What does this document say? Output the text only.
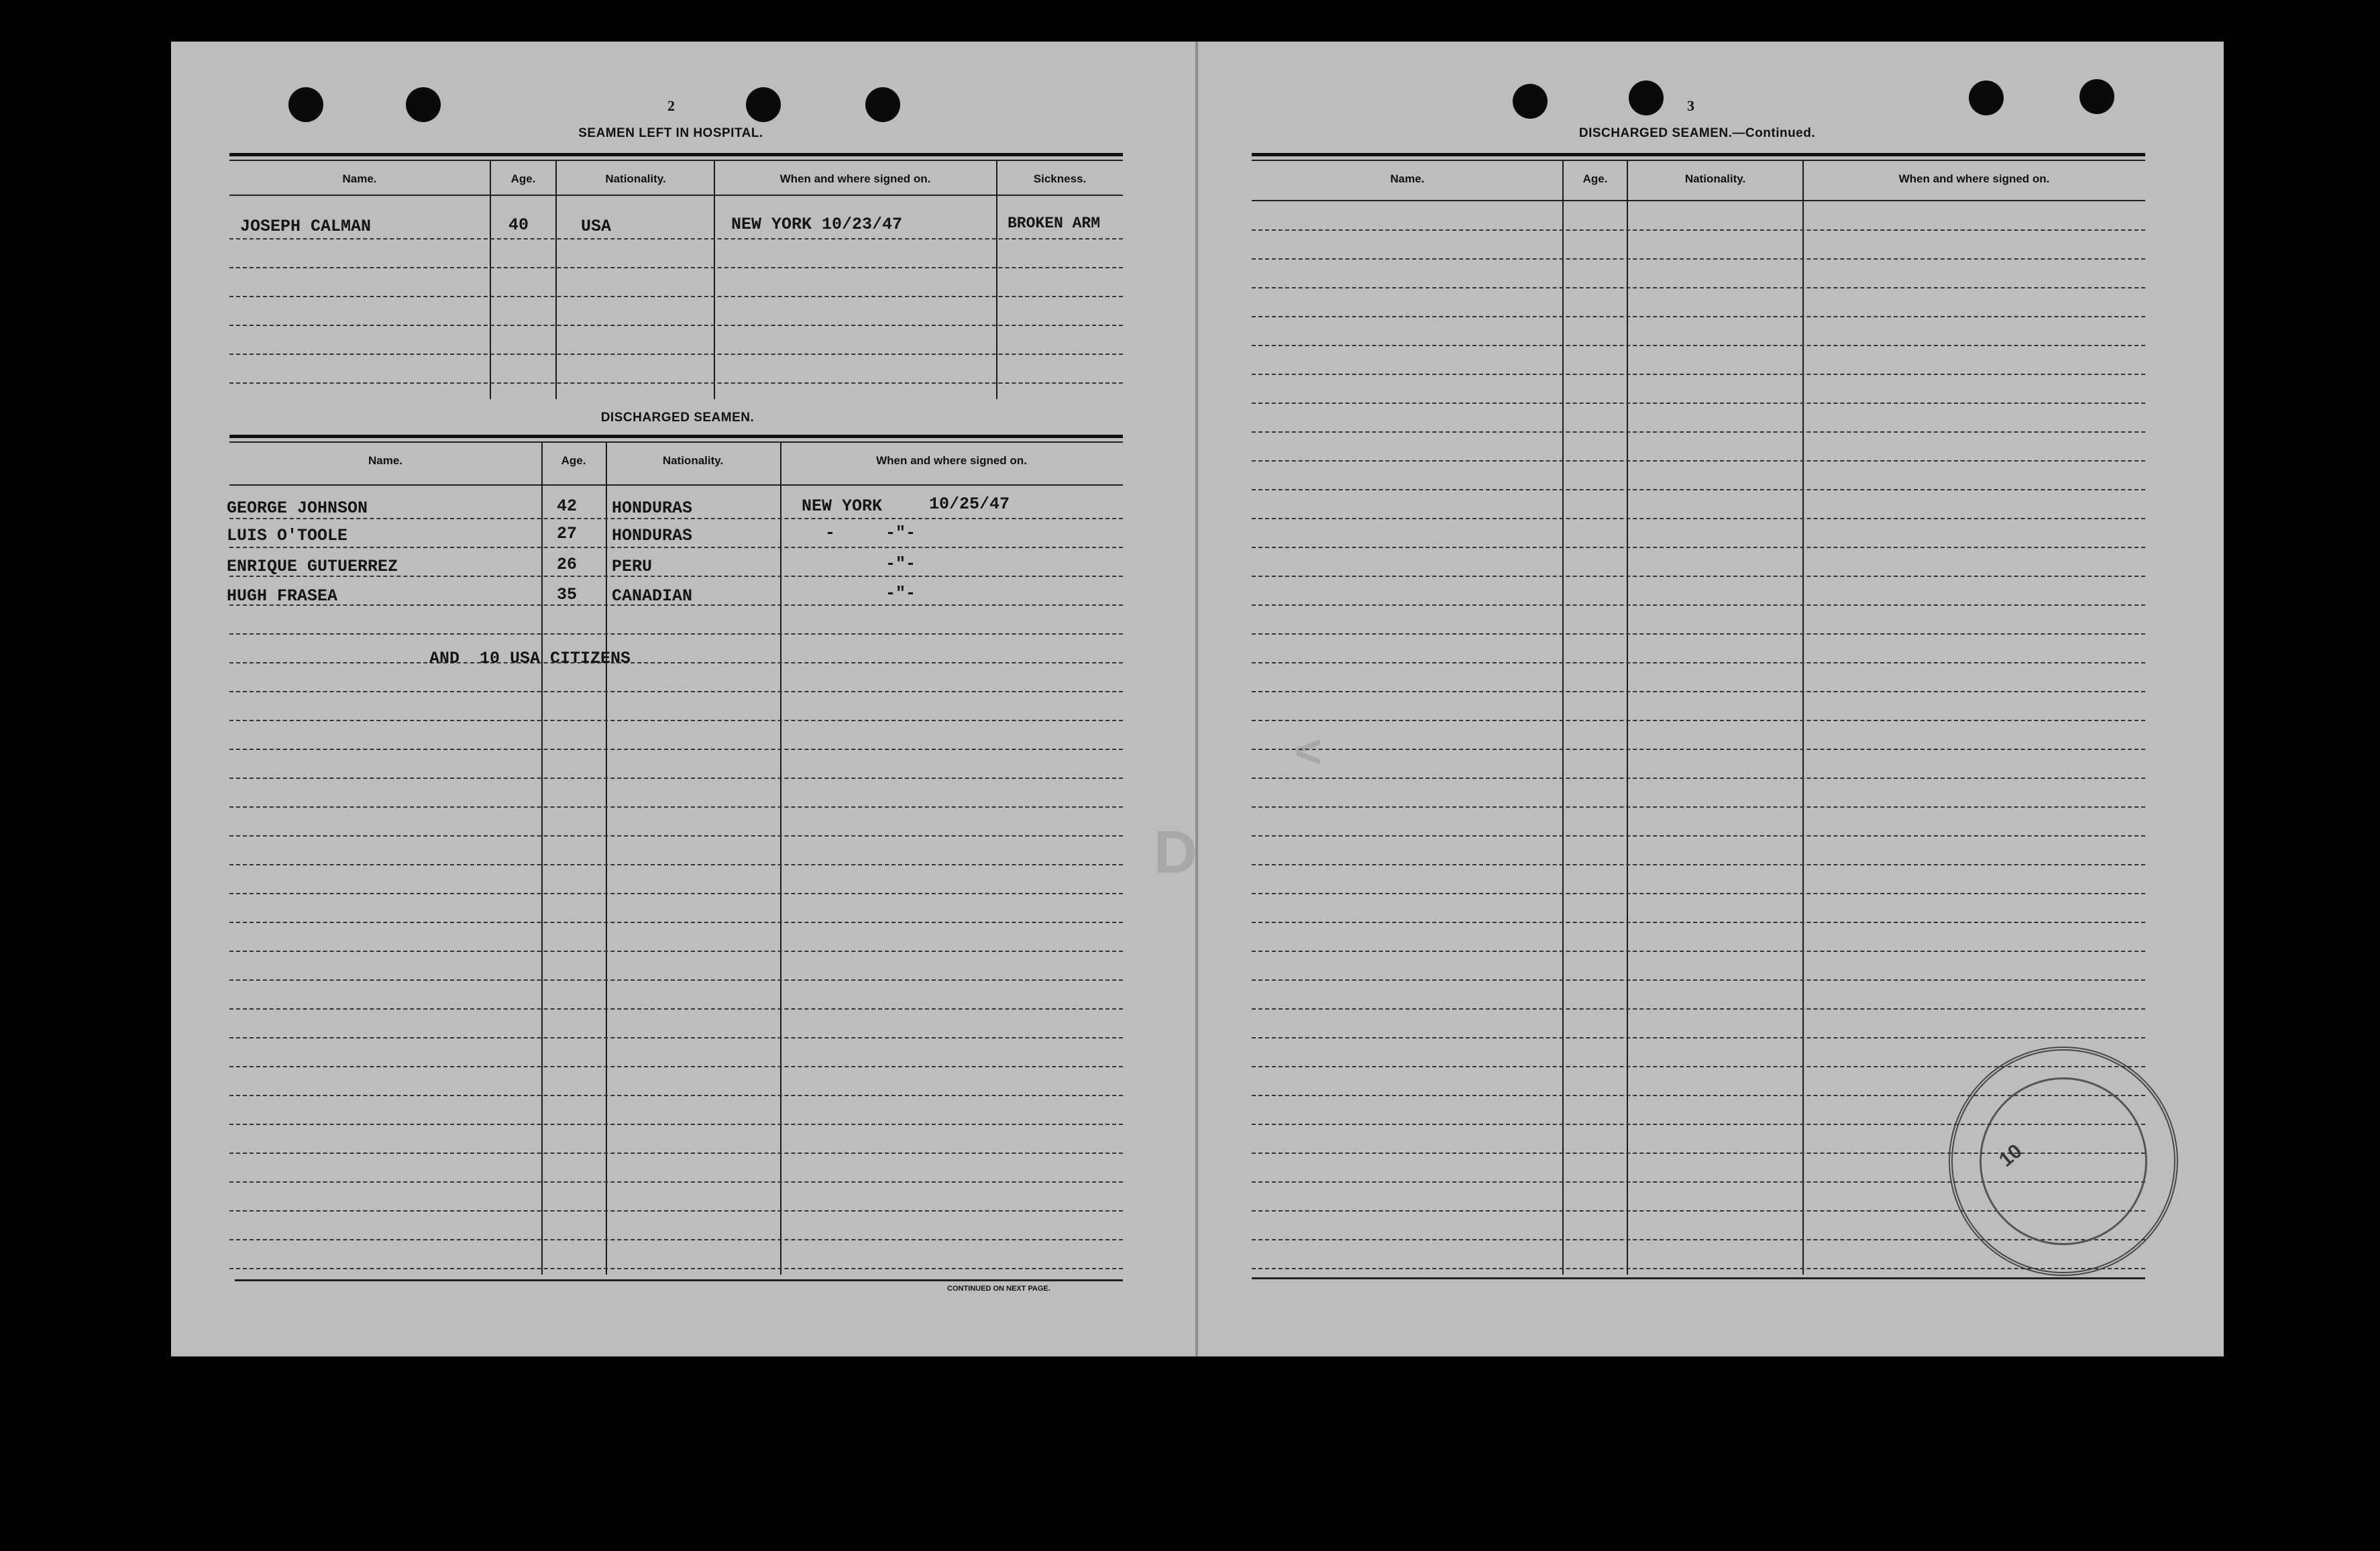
D
<
2
SEAMEN LEFT IN HOSPITAL.
Name.	Age.	Nationality.	When and where signed on.	Sickness.
JOSEPH CALMAN	40	USA	NEW YORK 10/23/47	BROKEN ARM
DISCHARGED SEAMEN.
Name.	Age.	Nationality.	When and where signed on.
GEORGE JOHNSON	42 HONDURAS	NEW YORK	10/25/47
LUIS O'TOOLE	27 HONDURAS	-	-"-
ENRIQUE GUTUERREZ	26 PERU	-"-
HUGH FRASEA	35 CANADIAN	-"-
AND  10 USA CITIZENS
CONTINUED ON NEXT PAGE.
3
DISCHARGED SEAMEN.—Continued.
Name.	Age.	Nationality.	When and where signed on.
10
